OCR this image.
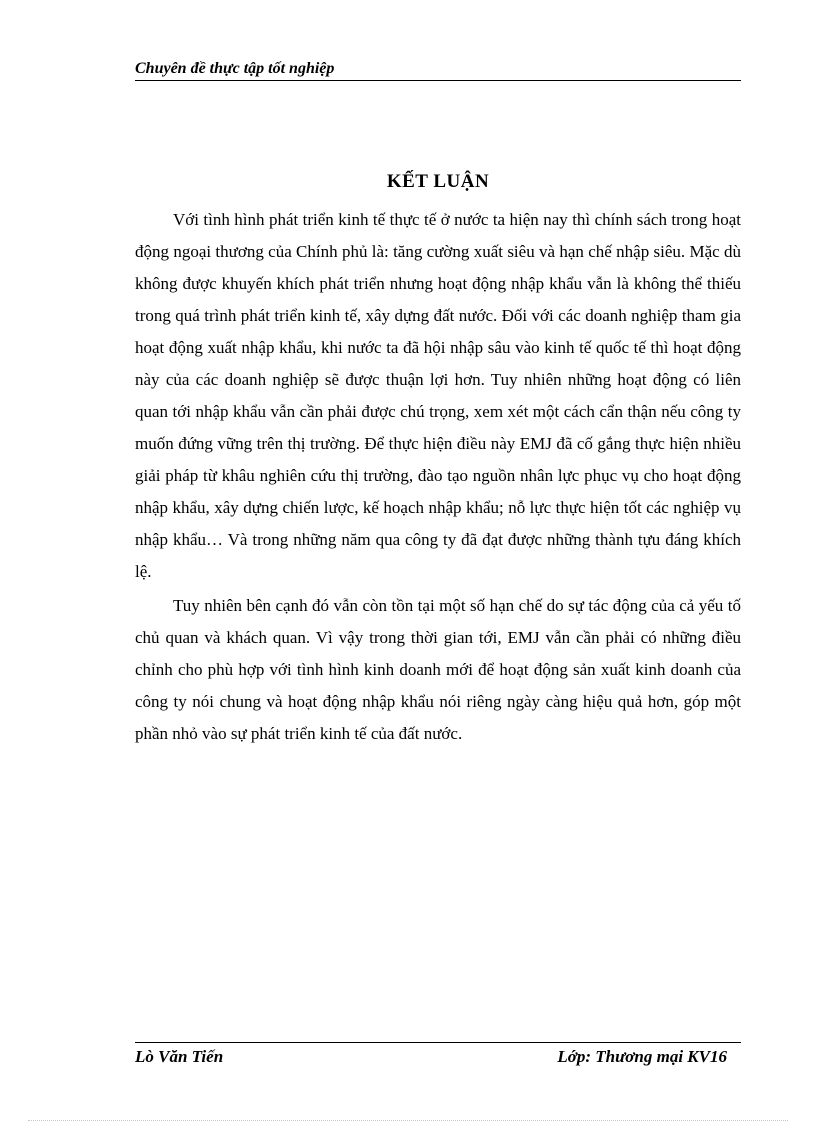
Chuyên đề thực tập tốt nghiệp
KẾT LUẬN

Với tình hình phát triển kinh tế thực tế ở nước ta hiện nay thì chính sách trong hoạt động ngoại thương của Chính phủ là: tăng cường xuất siêu và hạn chế nhập siêu. Mặc dù không được khuyến khích phát triển nhưng hoạt động nhập khẩu vẫn là không thể thiếu trong quá trình phát triển kinh tế, xây dựng đất nước. Đối với các doanh nghiệp tham gia hoạt động xuất nhập khẩu, khi nước ta đã hội nhập sâu vào kinh tế quốc tế thì hoạt động này của các doanh nghiệp sẽ được thuận lợi hơn. Tuy nhiên những hoạt động có liên quan tới nhập khẩu vẫn cần phải được chú trọng, xem xét một cách cẩn thận nếu công ty muốn đứng vững trên thị trường. Để thực hiện điều này EMJ đã cố gắng thực hiện nhiều giải pháp từ khâu nghiên cứu thị trường, đào tạo nguồn nhân lực phục vụ cho hoạt động nhập khẩu, xây dựng chiến lược, kế hoạch nhập khẩu; nỗ lực thực hiện tốt các nghiệp vụ nhập khẩu… Và trong những năm qua công ty đã đạt được những thành tựu đáng khích lệ.

Tuy nhiên bên cạnh đó vẫn còn tồn tại một số hạn chế do sự tác động của cả yếu tố chủ quan và khách quan. Vì vậy trong thời gian tới, EMJ vẫn cần phải có những điều chỉnh cho phù hợp với tình hình kinh doanh mới để hoạt động sản xuất kinh doanh của công ty nói chung và hoạt động nhập khẩu nói riêng ngày càng hiệu quả hơn, góp một phần nhỏ vào sự phát triển kinh tế của đất nước.

Lò Văn Tiến	Lớp: Thương mại KV16
